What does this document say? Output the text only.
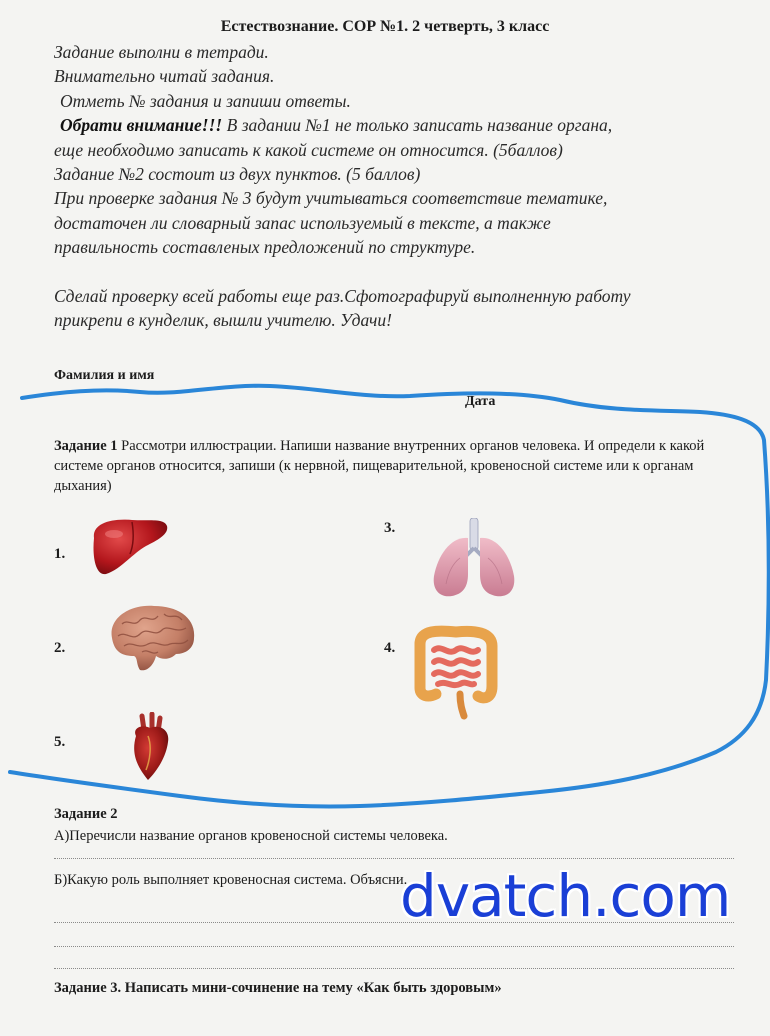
Естествознание. СОР №1. 2 четверть, 3 класс
Задание выполни в тетради.
Внимательно читай задания.
Отметь № задания и запиши ответы.
Обрати внимание!!! В задании №1 не только записать название органа,
еще необходимо записать к какой системе он относится. (5баллов)
Задание №2 состоит из двух пунктов. (5 баллов)
При проверке задания № 3 будут учитываться соответствие тематике,
достаточен ли словарный запас используемый в тексте, а также
правильность составленых предложений по структуре.
Сделай проверку всей работы еще раз.Сфотографируй выполненную работу
прикрепи в кунделик, вышли учителю. Удачи!
Фамилия и имя
Дата
Задание 1 Рассмотри иллюстрации. Напиши название внутренних органов человека. И определи к какой системе органов относится, запиши (к нервной, пищеварительной, кровеносной системе или к органам дыхания)
1.
2.
3.
4.
5.
Задание 2
А)Перечисли название органов кровеносной системы человека.
Б)Какую роль выполняет кровеносная система. Объясни.
Задание 3. Написать мини-сочинение на тему «Как быть здоровым»
dvatch.com
